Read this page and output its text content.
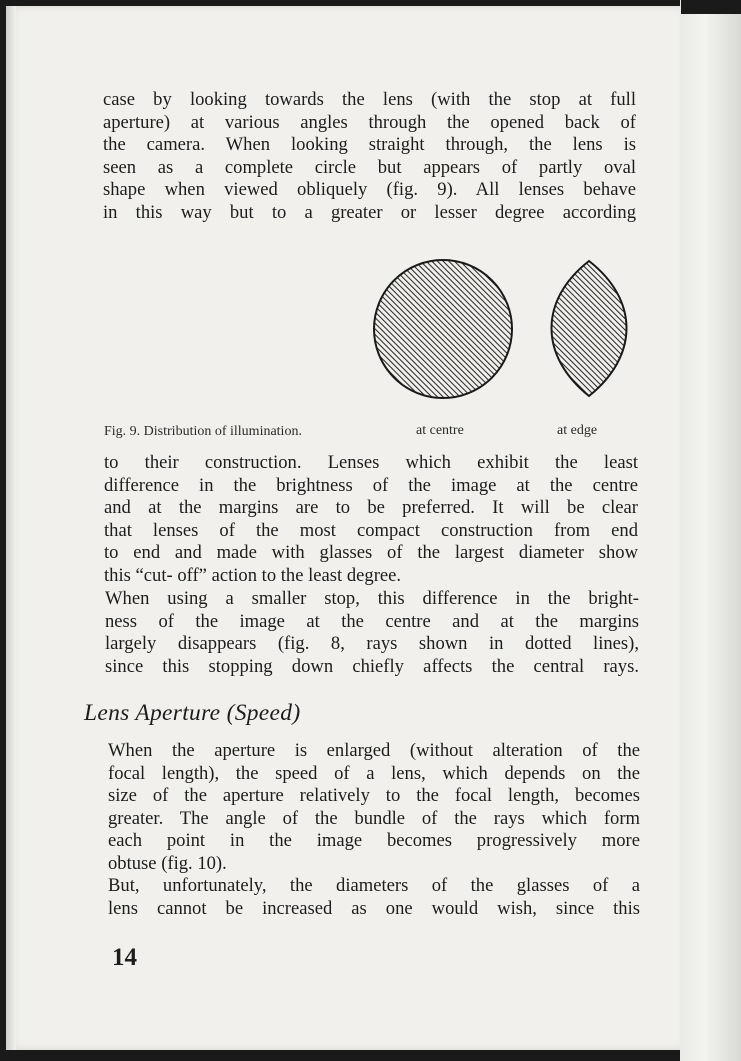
case by looking towards the lens (with the stop at full
aperture) at various angles through the opened back of
the camera. When looking straight through, the lens is
seen as a complete circle but appears of partly oval
shape when viewed obliquely (fig. 9). All lenses behave
in this way but to a greater or lesser degree according
Fig. 9. Distribution of illumination.	at centre	at edge
to their construction. Lenses which exhibit the least
difference in the brightness of the image at the centre
and at the margins are to be preferred. It will be clear
that lenses of the most compact construction from end
to end and made with glasses of the largest diameter show
this “cut- off” action to the least degree.
When using a smaller stop, this difference in the bright-
ness of the image at the centre and at the margins
largely disappears (fig. 8, rays shown in dotted lines),
since this stopping down chiefly affects the central rays.
Lens Aperture (Speed)
When the aperture is enlarged (without alteration of the
focal length), the speed of a lens, which depends on the
size of the aperture relatively to the focal length, becomes
greater. The angle of the bundle of the rays which form
each point in the image becomes progressively more
obtuse (fig. 10).
But, unfortunately, the diameters of the glasses of a
lens cannot be increased as one would wish, since this

14
